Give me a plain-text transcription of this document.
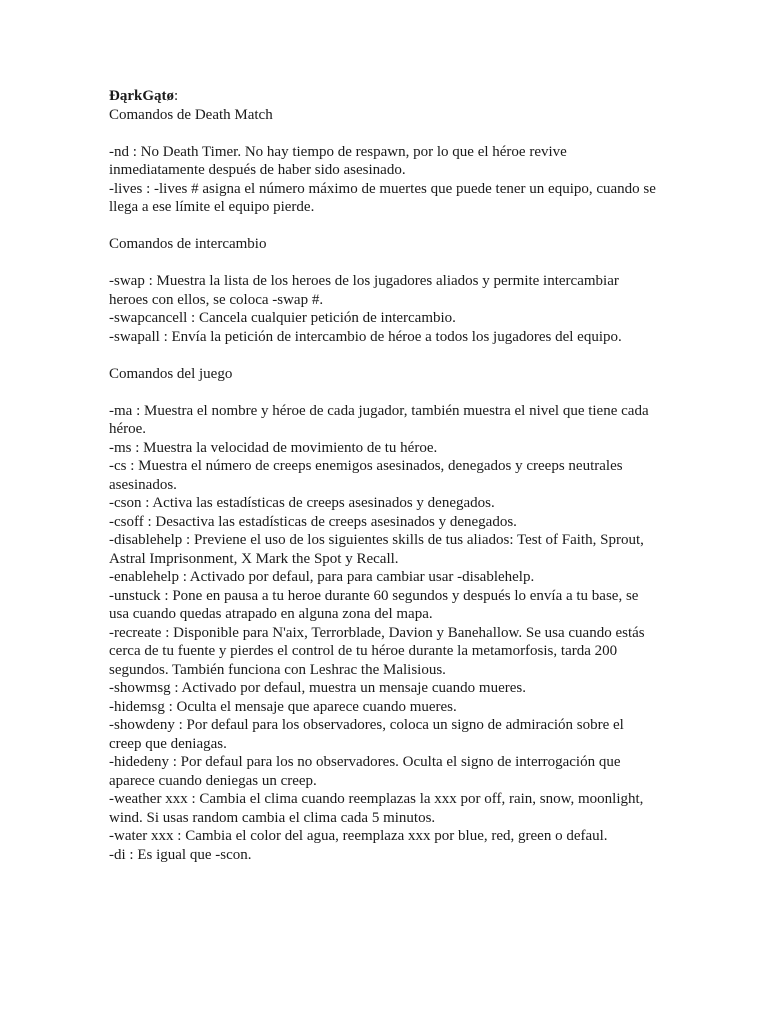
ÐąrkGątø:

Comandos de Death Match

-nd : No Death Timer. No hay tiempo de respawn, por lo que el héroe revive inmediatamente después de haber sido asesinado.

-lives : -lives # asigna el número máximo de muertes que puede tener un equipo, cuando se llega a ese límite el equipo pierde.

Comandos de intercambio

-swap : Muestra la lista de los heroes de los jugadores aliados y permite intercambiar heroes con ellos, se coloca -swap #.

-swapcancell : Cancela cualquier petición de intercambio.

-swapall : Envía la petición de intercambio de héroe a todos los jugadores del equipo.

Comandos del juego

-ma : Muestra el nombre y héroe de cada jugador, también muestra el nivel que tiene cada héroe.

-ms : Muestra la velocidad de movimiento de tu héroe.

-cs : Muestra el número de creeps enemigos asesinados, denegados y creeps neutrales asesinados.

-cson : Activa las estadísticas de creeps asesinados y denegados.

-csoff : Desactiva las estadísticas de creeps asesinados y denegados.

-disablehelp : Previene el uso de los siguientes skills de tus aliados: Test of Faith, Sprout, Astral Imprisonment, X Mark the Spot y Recall.

-enablehelp : Activado por defaul, para para cambiar usar -disablehelp.

-unstuck : Pone en pausa a tu heroe durante 60 segundos y después lo envía a tu base, se usa cuando quedas atrapado en alguna zona del mapa.

-recreate : Disponible para N'aix, Terrorblade, Davion y Banehallow. Se usa cuando estás cerca de tu fuente y pierdes el control de tu héroe durante la metamorfosis, tarda 200 segundos. También funciona con Leshrac the Malisious.

-showmsg : Activado por defaul, muestra un mensaje cuando mueres.

-hidemsg : Oculta el mensaje que aparece cuando mueres.

-showdeny : Por defaul para los observadores, coloca un signo de admiración sobre el creep que deniagas.

-hidedeny : Por defaul para los no observadores. Oculta el signo de interrogación que aparece cuando deniegas un creep.

-weather xxx : Cambia el clima cuando reemplazas la xxx por off, rain, snow, moonlight, wind. Si usas random cambia el clima cada 5 minutos.

-water xxx : Cambia el color del agua, reemplaza xxx por blue, red, green o defaul.

-di : Es igual que -scon.
